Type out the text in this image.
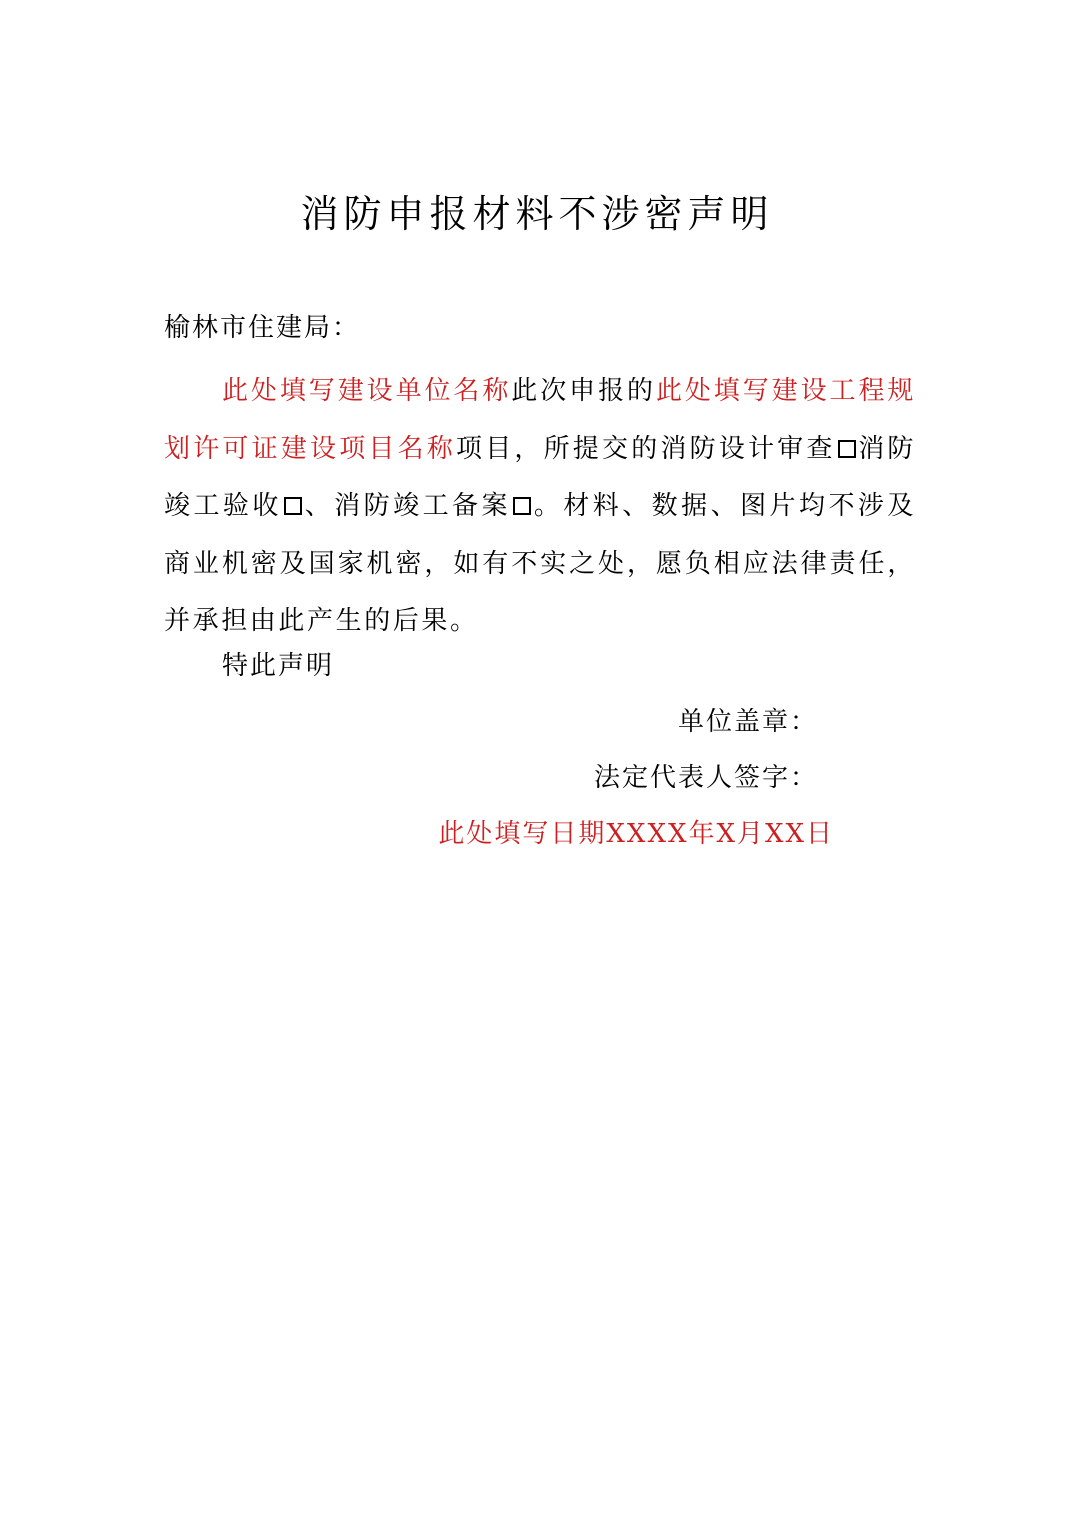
消防申报材料不涉密声明
榆林市住建局：
此处填写建设单位名称此次申报的此处填写建设工程规划许可证建设项目名称项目，所提交的消防设计审查 消防竣工验收 、消防竣工备案 。材料、数据、图片均不涉及商业机密及国家机密，如有不实之处，愿负相应法律责任，并承担由此产生的后果。
特此声明
单位盖章：
法定代表人签字：
此处填写日期XXXX年X月XX日
